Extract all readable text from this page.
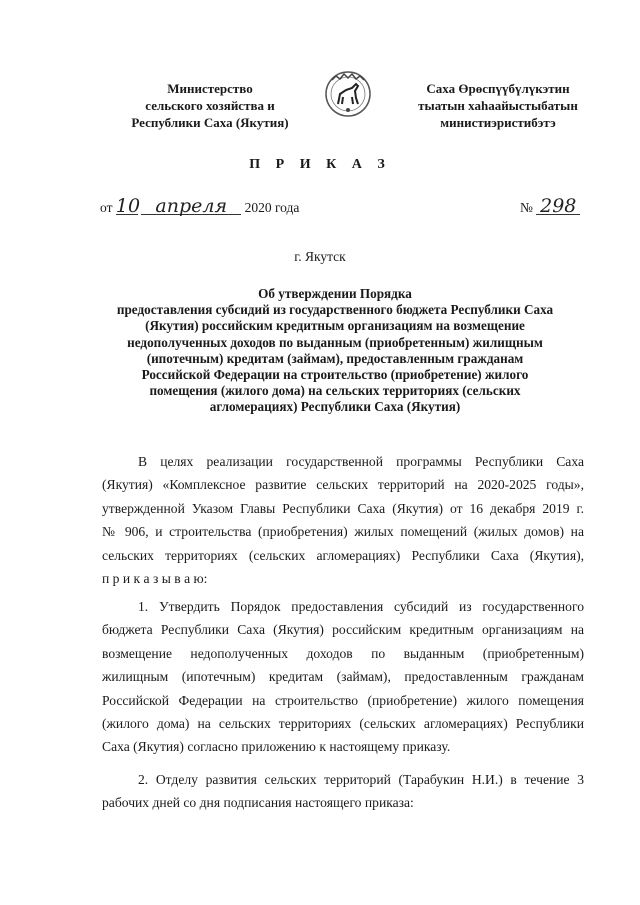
Министерство
сельского хозяйства и
Республики Саха (Якутия)
Саха Өрөспүүбүлүкэтин
тыатын хаһаайыстыбатын
министиэристибэтэ
П Р И К А З
от 10 апреля 2020 года	№ 298
г. Якутск
Об утверждении Порядка
предоставления субсидий из государственного бюджета Республики Саха
(Якутия) российским кредитным организациям на возмещение
недополученных доходов по выданным (приобретенным) жилищным
(ипотечным) кредитам (займам), предоставленным гражданам
Российской Федерации на строительство (приобретение) жилого
помещения (жилого дома) на сельских территориях (сельских
агломерациях) Республики Саха (Якутия)
В целях реализации государственной программы Республики Саха
(Якутия) «Комплексное развитие сельских территорий на 2020-2025 годы»,
утвержденной Указом Главы Республики Саха (Якутия) от 16 декабря 2019 г.
№ 906, и строительства (приобретения) жилых помещений (жилых домов) на
сельских территориях (сельских агломерациях) Республики Саха (Якутия),
п р и к а з ы в а ю:
1. Утвердить Порядок предоставления субсидий из государственного
бюджета Республики Саха (Якутия) российским кредитным организациям на
возмещение недополученных доходов по выданным (приобретенным)
жилищным (ипотечным) кредитам (займам), предоставленным гражданам
Российской Федерации на строительство (приобретение) жилого помещения
(жилого дома) на сельских территориях (сельских агломерациях) Республики
Саха (Якутия) согласно приложению к настоящему приказу.
2. Отделу развития сельских территорий (Тарабукин Н.И.) в течение 3
рабочих дней со дня подписания настоящего приказа:
